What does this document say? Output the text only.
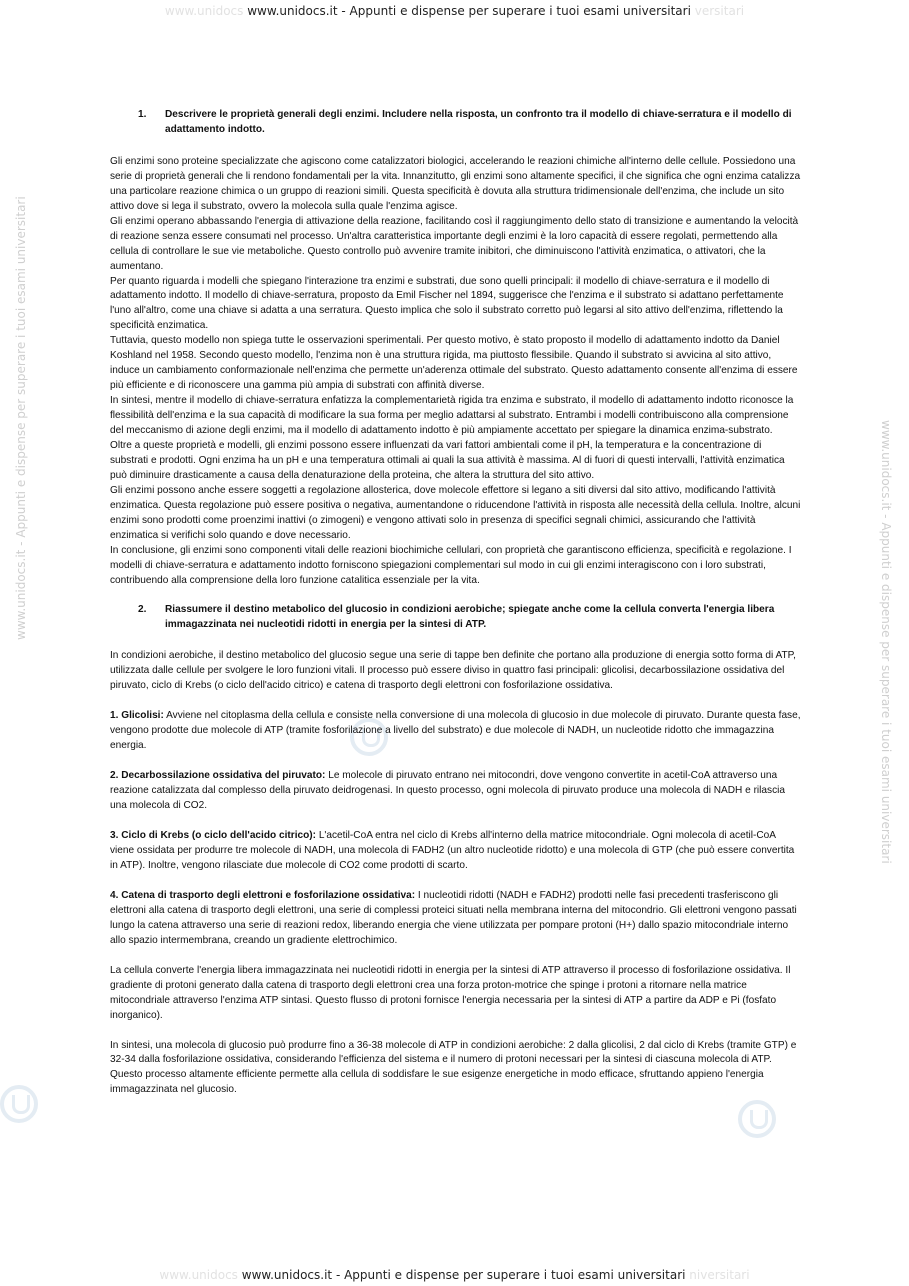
www.unidocs www.unidocs.it - Appunti e dispense per superare i tuoi esami universitari versitari
www.unidocs.it - Appunti e dispense per superare i tuoi esami universitari
www.unidocs.it - Appunti e dispense per superare i tuoi esami universitari
1.	Descrivere le proprietà generali degli enzimi. Includere nella risposta, un confronto tra il modello di chiave-serratura e il modello di adattamento indotto.

Gli enzimi sono proteine specializzate che agiscono come catalizzatori biologici, accelerando le reazioni chimiche all'interno delle cellule. Possiedono una serie di proprietà generali che li rendono fondamentali per la vita. Innanzitutto, gli enzimi sono altamente specifici, il che significa che ogni enzima catalizza una particolare reazione chimica o un gruppo di reazioni simili. Questa specificità è dovuta alla struttura tridimensionale dell'enzima, che include un sito attivo dove si lega il substrato, ovvero la molecola sulla quale l'enzima agisce.

Gli enzimi operano abbassando l'energia di attivazione della reazione, facilitando così il raggiungimento dello stato di transizione e aumentando la velocità di reazione senza essere consumati nel processo. Un'altra caratteristica importante degli enzimi è la loro capacità di essere regolati, permettendo alla cellula di controllare le sue vie metaboliche. Questo controllo può avvenire tramite inibitori, che diminuiscono l'attività enzimatica, o attivatori, che la aumentano.

Per quanto riguarda i modelli che spiegano l'interazione tra enzimi e substrati, due sono quelli principali: il modello di chiave-serratura e il modello di adattamento indotto. Il modello di chiave-serratura, proposto da Emil Fischer nel 1894, suggerisce che l'enzima e il substrato si adattano perfettamente l'uno all'altro, come una chiave si adatta a una serratura. Questo implica che solo il substrato corretto può legarsi al sito attivo dell'enzima, riflettendo la specificità enzimatica.

Tuttavia, questo modello non spiega tutte le osservazioni sperimentali. Per questo motivo, è stato proposto il modello di adattamento indotto da Daniel Koshland nel 1958. Secondo questo modello, l'enzima non è una struttura rigida, ma piuttosto flessibile. Quando il substrato si avvicina al sito attivo, induce un cambiamento conformazionale nell'enzima che permette un'aderenza ottimale del substrato. Questo adattamento consente all'enzima di essere più efficiente e di riconoscere una gamma più ampia di substrati con affinità diverse.

In sintesi, mentre il modello di chiave-serratura enfatizza la complementarietà rigida tra enzima e substrato, il modello di adattamento indotto riconosce la flessibilità dell'enzima e la sua capacità di modificare la sua forma per meglio adattarsi al substrato. Entrambi i modelli contribuiscono alla comprensione del meccanismo di azione degli enzimi, ma il modello di adattamento indotto è più ampiamente accettato per spiegare la dinamica enzima-substrato.

Oltre a queste proprietà e modelli, gli enzimi possono essere influenzati da vari fattori ambientali come il pH, la temperatura e la concentrazione di substrati e prodotti. Ogni enzima ha un pH e una temperatura ottimali ai quali la sua attività è massima. Al di fuori di questi intervalli, l'attività enzimatica può diminuire drasticamente a causa della denaturazione della proteina, che altera la struttura del sito attivo.

Gli enzimi possono anche essere soggetti a regolazione allosterica, dove molecole effettore si legano a siti diversi dal sito attivo, modificando l'attività enzimatica. Questa regolazione può essere positiva o negativa, aumentandone o riducendone l'attività in risposta alle necessità della cellula. Inoltre, alcuni enzimi sono prodotti come proenzimi inattivi (o zimogeni) e vengono attivati solo in presenza di specifici segnali chimici, assicurando che l'attività enzimatica si verifichi solo quando e dove necessario.

In conclusione, gli enzimi sono componenti vitali delle reazioni biochimiche cellulari, con proprietà che garantiscono efficienza, specificità e regolazione. I modelli di chiave-serratura e adattamento indotto forniscono spiegazioni complementari sul modo in cui gli enzimi interagiscono con i loro substrati, contribuendo alla comprensione della loro funzione catalitica essenziale per la vita.

2.	Riassumere il destino metabolico del glucosio in condizioni aerobiche; spiegate anche come la cellula converta l'energia libera immagazzinata nei nucleotidi ridotti in energia per la sintesi di ATP.

In condizioni aerobiche, il destino metabolico del glucosio segue una serie di tappe ben definite che portano alla produzione di energia sotto forma di ATP, utilizzata dalle cellule per svolgere le loro funzioni vitali. Il processo può essere diviso in quattro fasi principali: glicolisi, decarbossilazione ossidativa del piruvato, ciclo di Krebs (o ciclo dell'acido citrico) e catena di trasporto degli elettroni con fosforilazione ossidativa.

1. Glicolisi: Avviene nel citoplasma della cellula e consiste nella conversione di una molecola di glucosio in due molecole di piruvato. Durante questa fase, vengono prodotte due molecole di ATP (tramite fosforilazione a livello del substrato) e due molecole di NADH, un nucleotide ridotto che immagazzina energia.

2. Decarbossilazione ossidativa del piruvato: Le molecole di piruvato entrano nei mitocondri, dove vengono convertite in acetil-CoA attraverso una reazione catalizzata dal complesso della piruvato deidrogenasi. In questo processo, ogni molecola di piruvato produce una molecola di NADH e rilascia una molecola di CO2.

3. Ciclo di Krebs (o ciclo dell'acido citrico): L'acetil-CoA entra nel ciclo di Krebs all'interno della matrice mitocondriale. Ogni molecola di acetil-CoA viene ossidata per produrre tre molecole di NADH, una molecola di FADH2 (un altro nucleotide ridotto) e una molecola di GTP (che può essere convertita in ATP). Inoltre, vengono rilasciate due molecole di CO2 come prodotti di scarto.

4. Catena di trasporto degli elettroni e fosforilazione ossidativa: I nucleotidi ridotti (NADH e FADH2) prodotti nelle fasi precedenti trasferiscono gli elettroni alla catena di trasporto degli elettroni, una serie di complessi proteici situati nella membrana interna del mitocondrio. Gli elettroni vengono passati lungo la catena attraverso una serie di reazioni redox, liberando energia che viene utilizzata per pompare protoni (H+) dallo spazio mitocondriale interno allo spazio intermembrana, creando un gradiente elettrochimico.

La cellula converte l'energia libera immagazzinata nei nucleotidi ridotti in energia per la sintesi di ATP attraverso il processo di fosforilazione ossidativa. Il gradiente di protoni generato dalla catena di trasporto degli elettroni crea una forza proton-motrice che spinge i protoni a ritornare nella matrice mitocondriale attraverso l'enzima ATP sintasi. Questo flusso di protoni fornisce l'energia necessaria per la sintesi di ATP a partire da ADP e Pi (fosfato inorganico).

In sintesi, una molecola di glucosio può produrre fino a 36-38 molecole di ATP in condizioni aerobiche: 2 dalla glicolisi, 2 dal ciclo di Krebs (tramite GTP) e 32-34 dalla fosforilazione ossidativa, considerando l'efficienza del sistema e il numero di protoni necessari per la sintesi di ciascuna molecola di ATP. Questo processo altamente efficiente permette alla cellula di soddisfare le sue esigenze energetiche in modo efficace, sfruttando appieno l'energia immagazzinata nel glucosio.

www.unidocs www.unidocs.it - Appunti e dispense per superare i tuoi esami universitari niversitari
